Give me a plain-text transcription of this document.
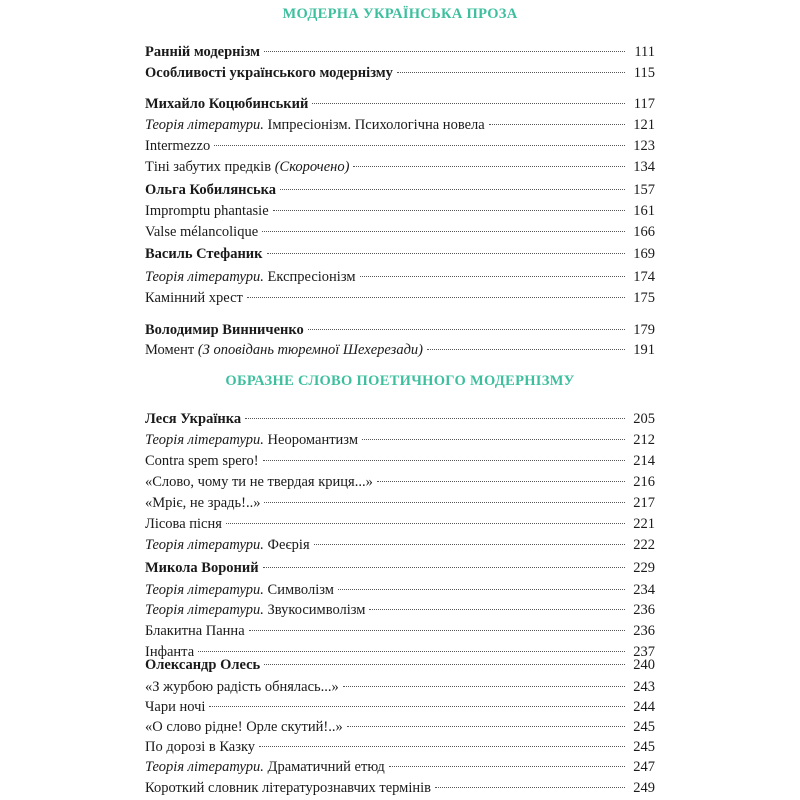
МОДЕРНА УКРАЇНСЬКА ПРОЗА
Ранній модернізм	111
Особливості українського модернізму	115
Михайло Коцюбинський	117
Теорія літератури. Імпресіонізм. Психологічна новела	121
Intermezzo	123
Тіні забутих предків (Скорочено)	134
Ольга Кобилянська	157
Impromptu phantasie	161
Valse mélancolique	166
Василь Стефаник	169
Теорія літератури. Експресіонізм	174
Камінний хрест	175
Володимир Винниченко	179
Момент (З оповідань тюремної Шехерезади)	191
ОБРАЗНЕ СЛОВО ПОЕТИЧНОГО МОДЕРНІЗМУ
Леся Українка	205
Теорія літератури. Неоромантизм	212
Contra spem spero!	214
«Слово, чому ти не твердая криця...»	216
«Мріє, не зрадь!..»	217
Лісова пісня	221
Теорія літератури. Феєрія	222
Микола Вороний	229
Теорія літератури. Символізм	234
Теорія літератури. Звукосимволізм	236
Блакитна Панна	236
Інфанта	237
Олександр Олесь	240
«З журбою радість обнялась...»	243
Чари ночі	244
«О слово рідне! Орле скутий!..»	245
По дорозі в Казку	245
Теорія літератури. Драматичний етюд	247
Короткий словник літературознавчих термінів	249
